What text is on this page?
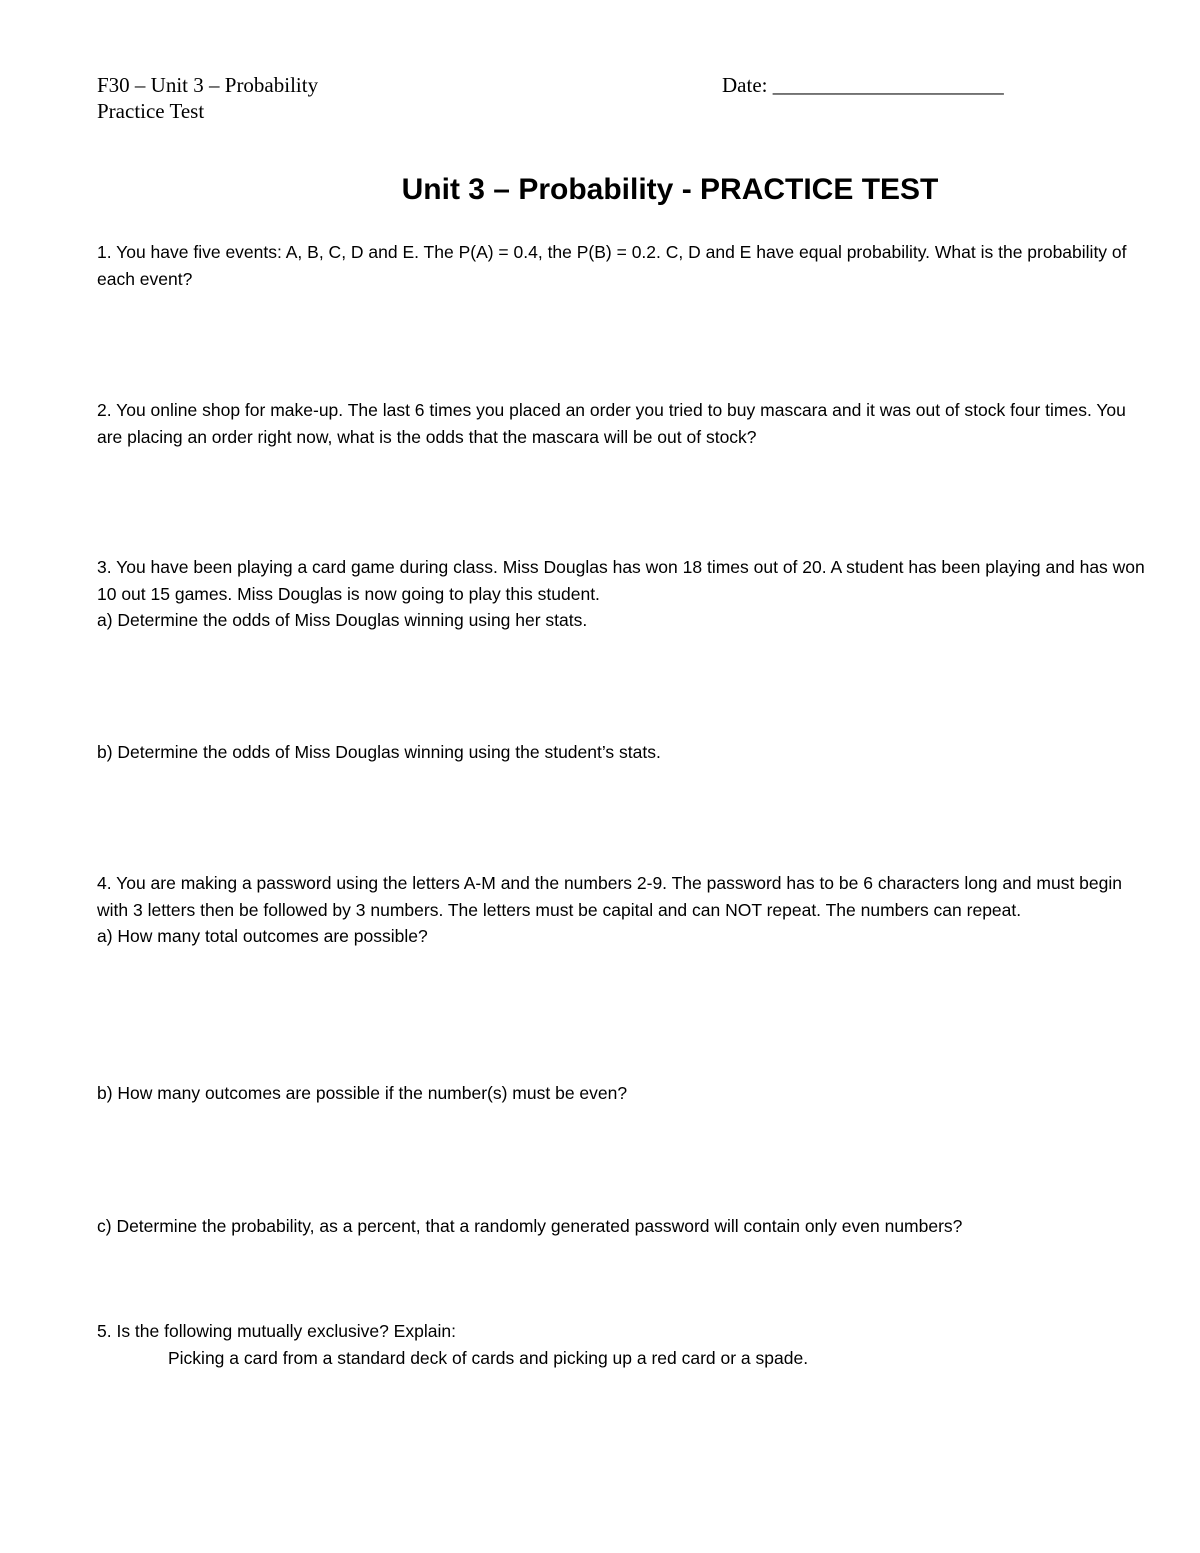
F30 – Unit 3 – Probability
Practice Test
Date: ______________________
Unit 3 – Probability - PRACTICE TEST

1. You have five events: A, B, C, D and E. The P(A) = 0.4, the P(B) = 0.2. C, D and E have equal probability. What is the probability of each event?

2. You online shop for make-up. The last 6 times you placed an order you tried to buy mascara and it was out of stock four times. You are placing an order right now, what is the odds that the mascara will be out of stock?

3. You have been playing a card game during class. Miss Douglas has won 18 times out of 20. A student has been playing and has won 10 out 15 games. Miss Douglas is now going to play this student.

a) Determine the odds of Miss Douglas winning using her stats.

b) Determine the odds of Miss Douglas winning using the student’s stats.

4. You are making a password using the letters A-M and the numbers 2-9. The password has to be 6 characters long and must begin with 3 letters then be followed by 3 numbers. The letters must be capital and can NOT repeat. The numbers can repeat.

a) How many total outcomes are possible?

b) How many outcomes are possible if the number(s) must be even?

c) Determine the probability, as a percent, that a randomly generated password will contain only even numbers?

5. Is the following mutually exclusive? Explain:

Picking a card from a standard deck of cards and picking up a red card or a spade.
